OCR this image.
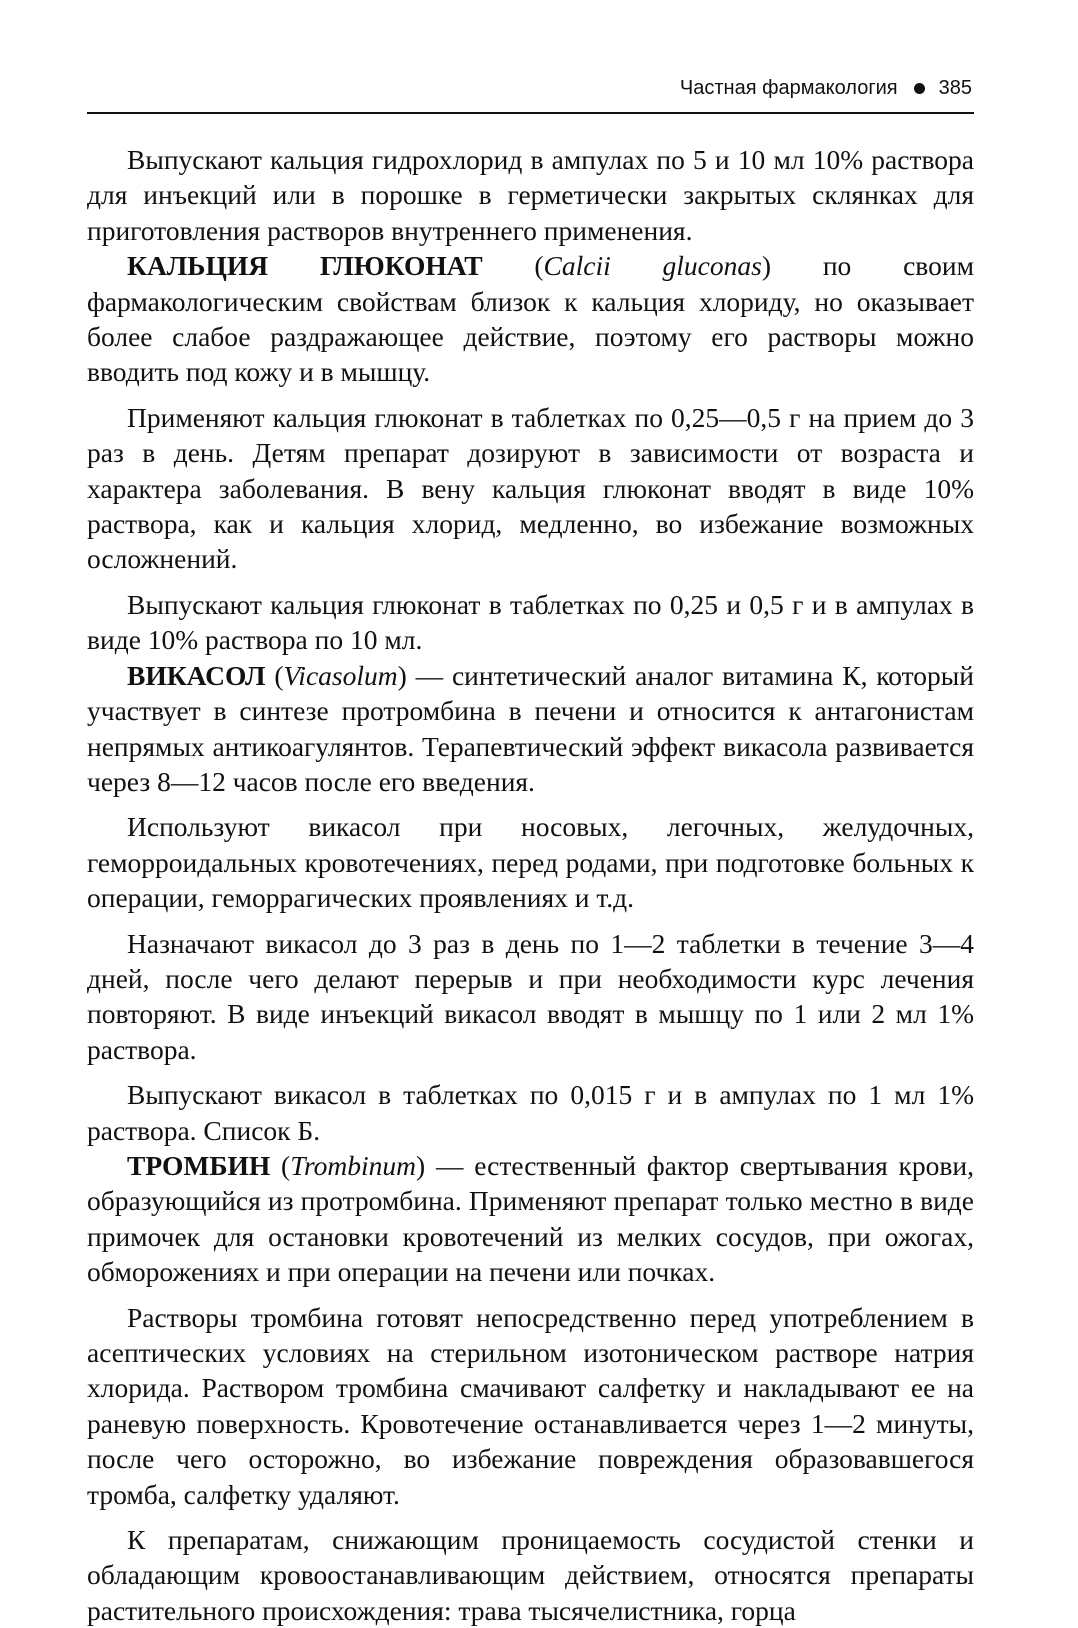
Частная фармакология 385

Выпускают кальция гидрохлорид в ампулах по 5 и 10 мл 10% раствора для инъекций или в порошке в герметически закрытых склянках для приготовления растворов внутреннего применения.

КАЛЬЦИЯ ГЛЮКОНАТ (Calcii gluconas) по своим фармакологическим свойствам близок к кальция хлориду, но оказывает более слабое раздражающее действие, поэтому его растворы можно вводить под кожу и в мышцу.

Применяют кальция глюконат в таблетках по 0,25—0,5 г на прием до 3 раз в день. Детям препарат дозируют в зависимости от возраста и характера заболевания. В вену кальция глюконат вводят в виде 10% раствора, как и кальция хлорид, медленно, во избежание возможных осложнений.

Выпускают кальция глюконат в таблетках по 0,25 и 0,5 г и в ампулах в виде 10% раствора по 10 мл.

ВИКАСОЛ (Vicasolum) — синтетический аналог витамина К, который участвует в синтезе протромбина в печени и относится к антагонистам непрямых антикоагулянтов. Терапевтический эффект викасола развивается через 8—12 часов после его введения.

Используют викасол при носовых, легочных, желудочных, геморроидальных кровотечениях, перед родами, при подготовке больных к операции, геморрагических проявлениях и т.д.

Назначают викасол до 3 раз в день по 1—2 таблетки в течение 3—4 дней, после чего делают перерыв и при необходимости курс лечения повторяют. В виде инъекций викасол вводят в мышцу по 1 или 2 мл 1% раствора.

Выпускают викасол в таблетках по 0,015 г и в ампулах по 1 мл 1% раствора. Список Б.

ТРОМБИН (Trombinum) — естественный фактор свертывания крови, образующийся из протромбина. Применяют препарат только местно в виде примочек для остановки кровотечений из мелких сосудов, при ожогах, обморожениях и при операции на печени или почках.

Растворы тромбина готовят непосредственно перед употреблением в асептических условиях на стерильном изотоническом растворе натрия хлорида. Раствором тромбина смачивают салфетку и накладывают ее на раневую поверхность. Кровотечение останавливается через 1—2 минуты, после чего осторожно, во избежание повреждения образовавшегося тромба, салфетку удаляют.

К препаратам, снижающим проницаемость сосудистой стенки и обладающим кровоостанавливающим действием, относятся препараты растительного происхождения: трава тысячелистника, горца
